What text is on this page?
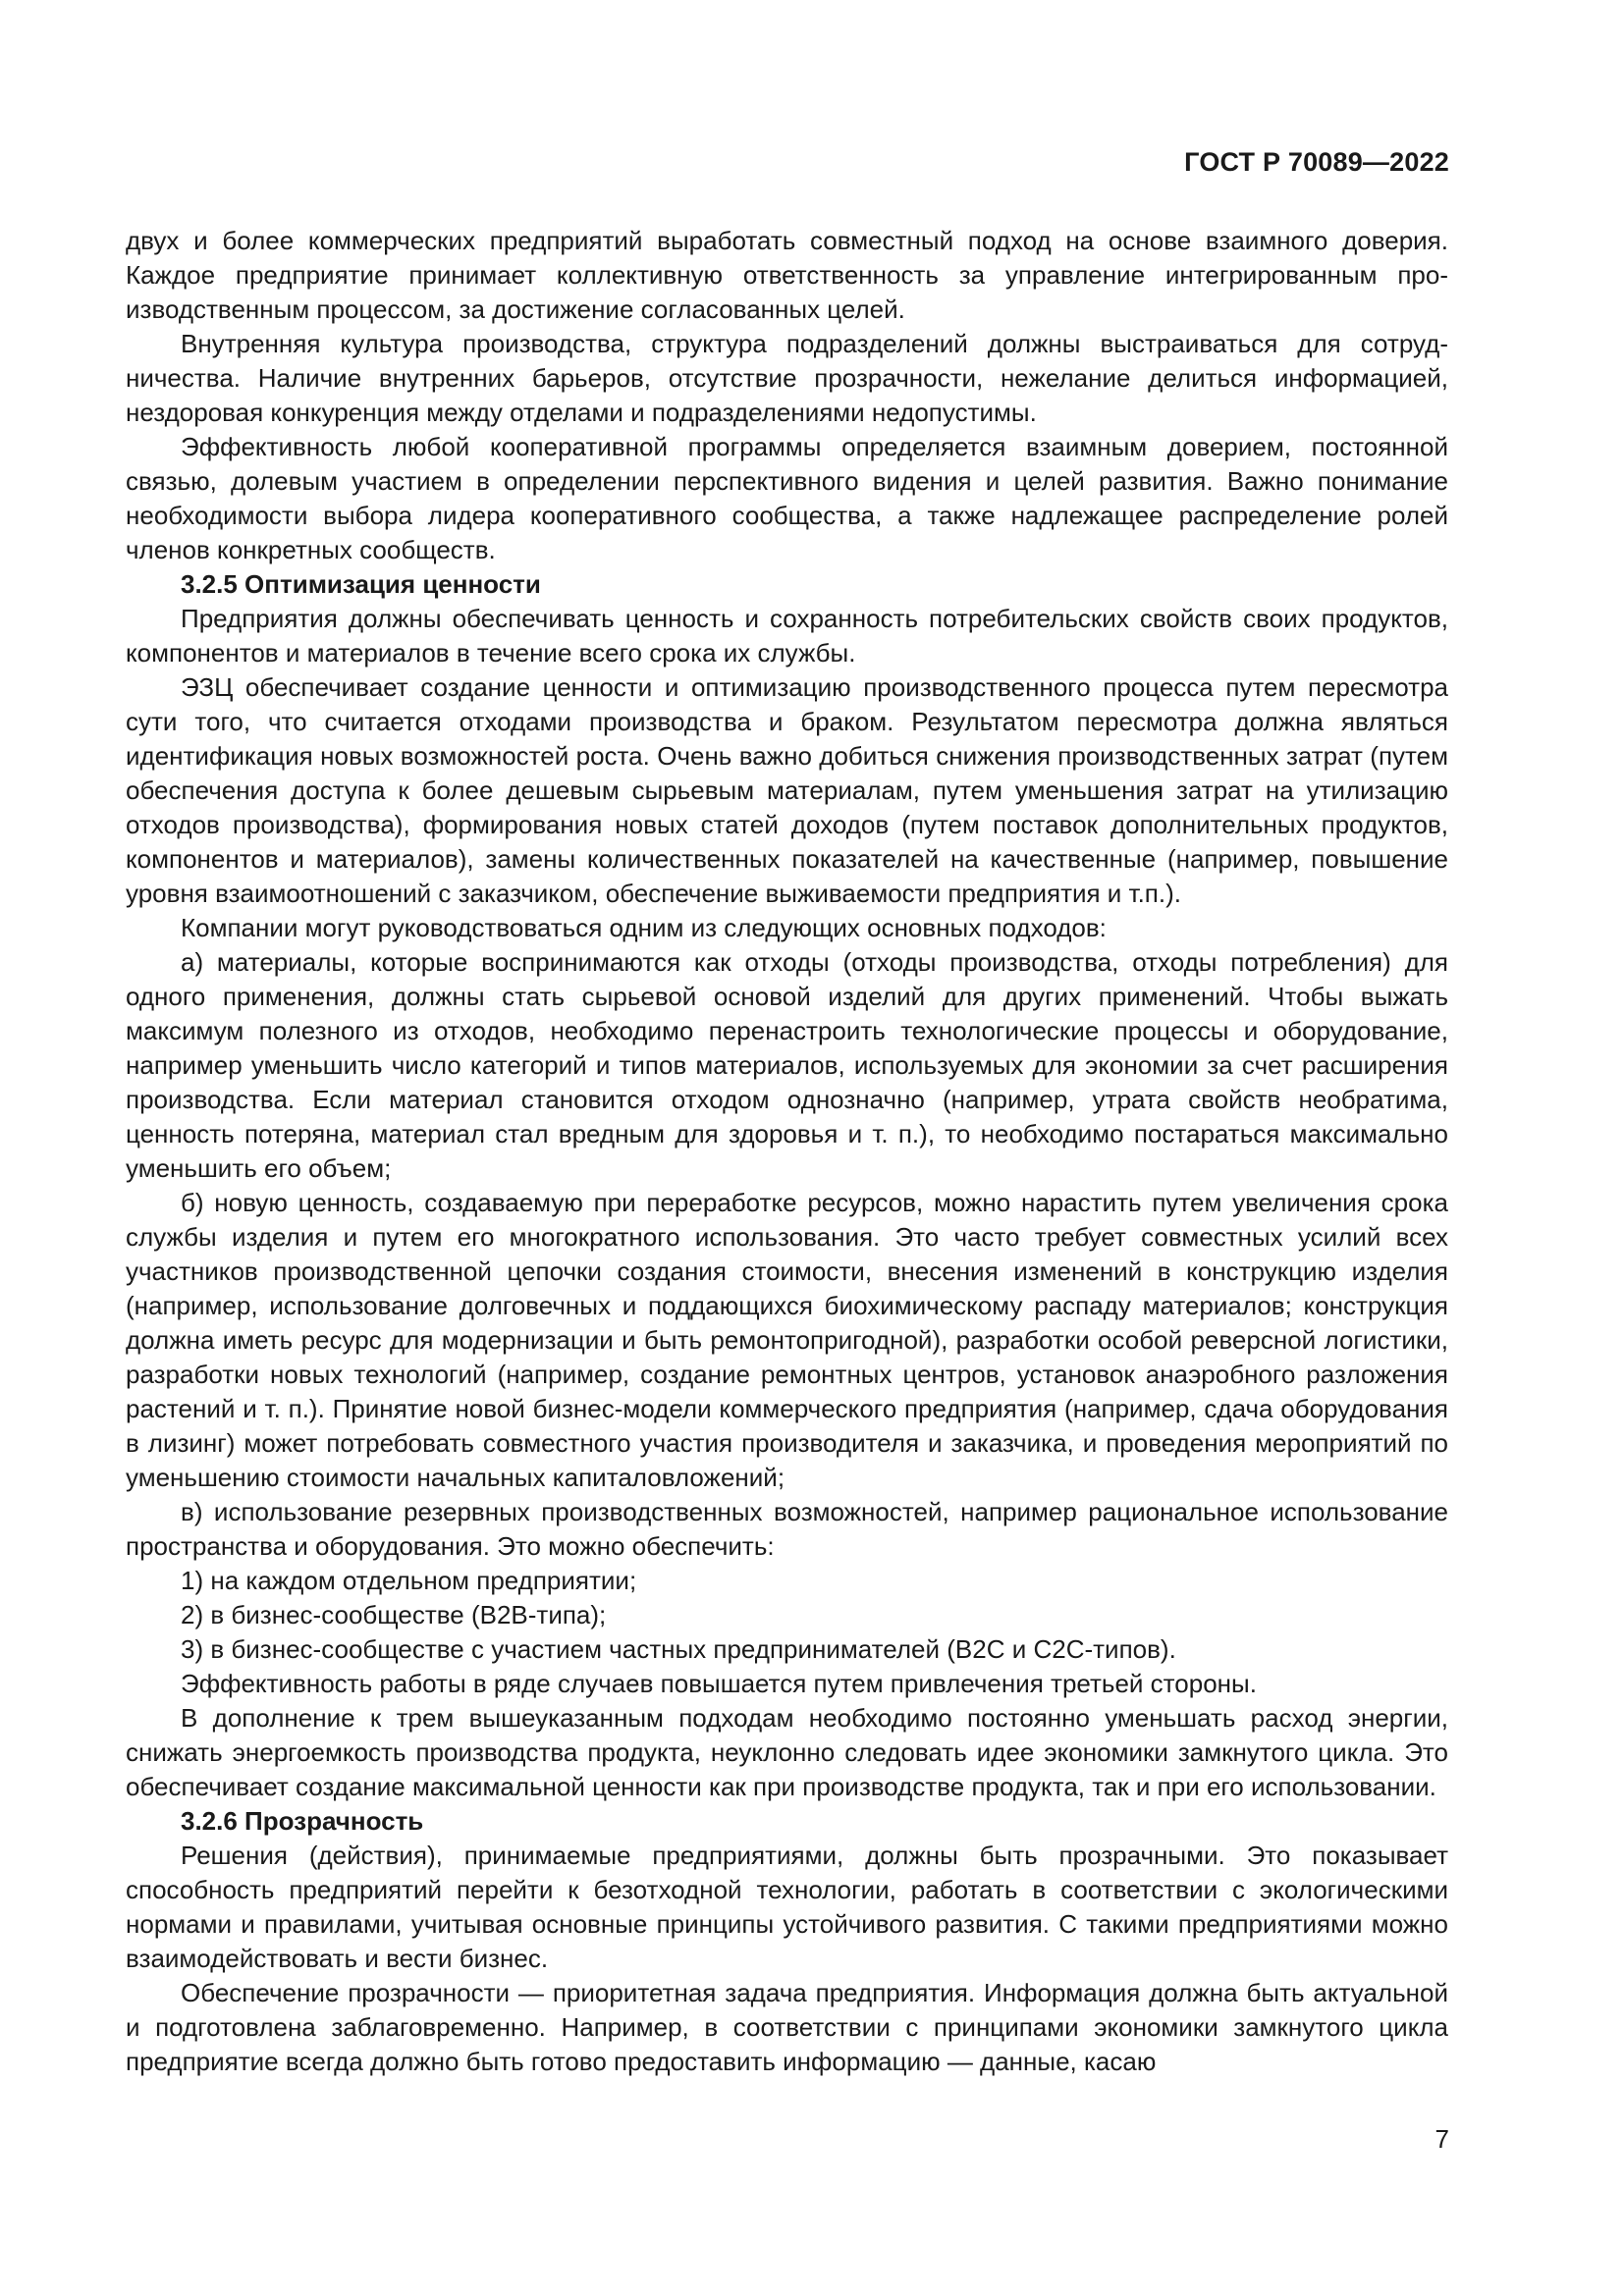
ГОСТ Р 70089—2022

двух и более коммерческих предприятий выработать совместный подход на основе взаимного доверия. Каждое предприятие принимает коллективную ответственность за управление интегрированным производственным процессом, за достижение согласованных целей.

Внутренняя культура производства, структура подразделений должны выстраиваться для сотрудничества. Наличие внутренних барьеров, отсутствие прозрачности, нежелание делиться информацией, нездоровая конкуренция между отделами и подразделениями недопустимы.

Эффективность любой кооперативной программы определяется взаимным доверием, постоянной связью, долевым участием в определении перспективного видения и целей развития. Важно понимание необходимости выбора лидера кооперативного сообщества, а также надлежащее распределение ролей членов конкретных сообществ.

3.2.5 Оптимизация ценности

Предприятия должны обеспечивать ценность и сохранность потребительских свойств своих продуктов, компонентов и материалов в течение всего срока их службы.

ЭЗЦ обеспечивает создание ценности и оптимизацию производственного процесса путем пересмотра сути того, что считается отходами производства и браком. Результатом пересмотра должна являться идентификация новых возможностей роста. Очень важно добиться снижения производственных затрат (путем обеспечения доступа к более дешевым сырьевым материалам, путем уменьшения затрат на утилизацию отходов производства), формирования новых статей доходов (путем поставок дополнительных продуктов, компонентов и материалов), замены количественных показателей на качественные (например, повышение уровня взаимоотношений с заказчиком, обеспечение выживаемости предприятия и т.п.).

Компании могут руководствоваться одним из следующих основных подходов:

а) материалы, которые воспринимаются как отходы (отходы производства, отходы потребления) для одного применения, должны стать сырьевой основой изделий для других применений. Чтобы выжать максимум полезного из отходов, необходимо перенастроить технологические процессы и оборудование, например уменьшить число категорий и типов материалов, используемых для экономии за счет расширения производства. Если материал становится отходом однозначно (например, утрата свойств необратима, ценность потеряна, материал стал вредным для здоровья и т. п.), то необходимо постараться максимально уменьшить его объем;

б) новую ценность, создаваемую при переработке ресурсов, можно нарастить путем увеличения срока службы изделия и путем его многократного использования. Это часто требует совместных усилий всех участников производственной цепочки создания стоимости, внесения изменений в конструкцию изделия (например, использование долговечных и поддающихся биохимическому распаду материалов; конструкция должна иметь ресурс для модернизации и быть ремонтопригодной), разработки особой реверсной логистики, разработки новых технологий (например, создание ремонтных центров, установок анаэробного разложения растений и т. п.). Принятие новой бизнес-модели коммерческого предприятия (например, сдача оборудования в лизинг) может потребовать совместного участия производителя и заказчика, и проведения мероприятий по уменьшению стоимости начальных капиталовложений;

в) использование резервных производственных возможностей, например рациональное использование пространства и оборудования. Это можно обеспечить:

1) на каждом отдельном предприятии;

2) в бизнес-сообществе (В2В-типа);

3) в бизнес-сообществе с участием частных предпринимателей (B2C и C2C-типов).

Эффективность работы в ряде случаев повышается путем привлечения третьей стороны.

В дополнение к трем вышеуказанным подходам необходимо постоянно уменьшать расход энергии, снижать энергоемкость производства продукта, неуклонно следовать идее экономики замкнутого цикла. Это обеспечивает создание максимальной ценности как при производстве продукта, так и при его использовании.

3.2.6 Прозрачность

Решения (действия), принимаемые предприятиями, должны быть прозрачными. Это показывает способность предприятий перейти к безотходной технологии, работать в соответствии с экологическими нормами и правилами, учитывая основные принципы устойчивого развития. С такими предприятиями можно взаимодействовать и вести бизнес.

Обеспечение прозрачности — приоритетная задача предприятия. Информация должна быть актуальной и подготовлена заблаговременно. Например, в соответствии с принципами экономики замкнутого цикла предприятие всегда должно быть готово предоставить информацию — данные, касаю

7
